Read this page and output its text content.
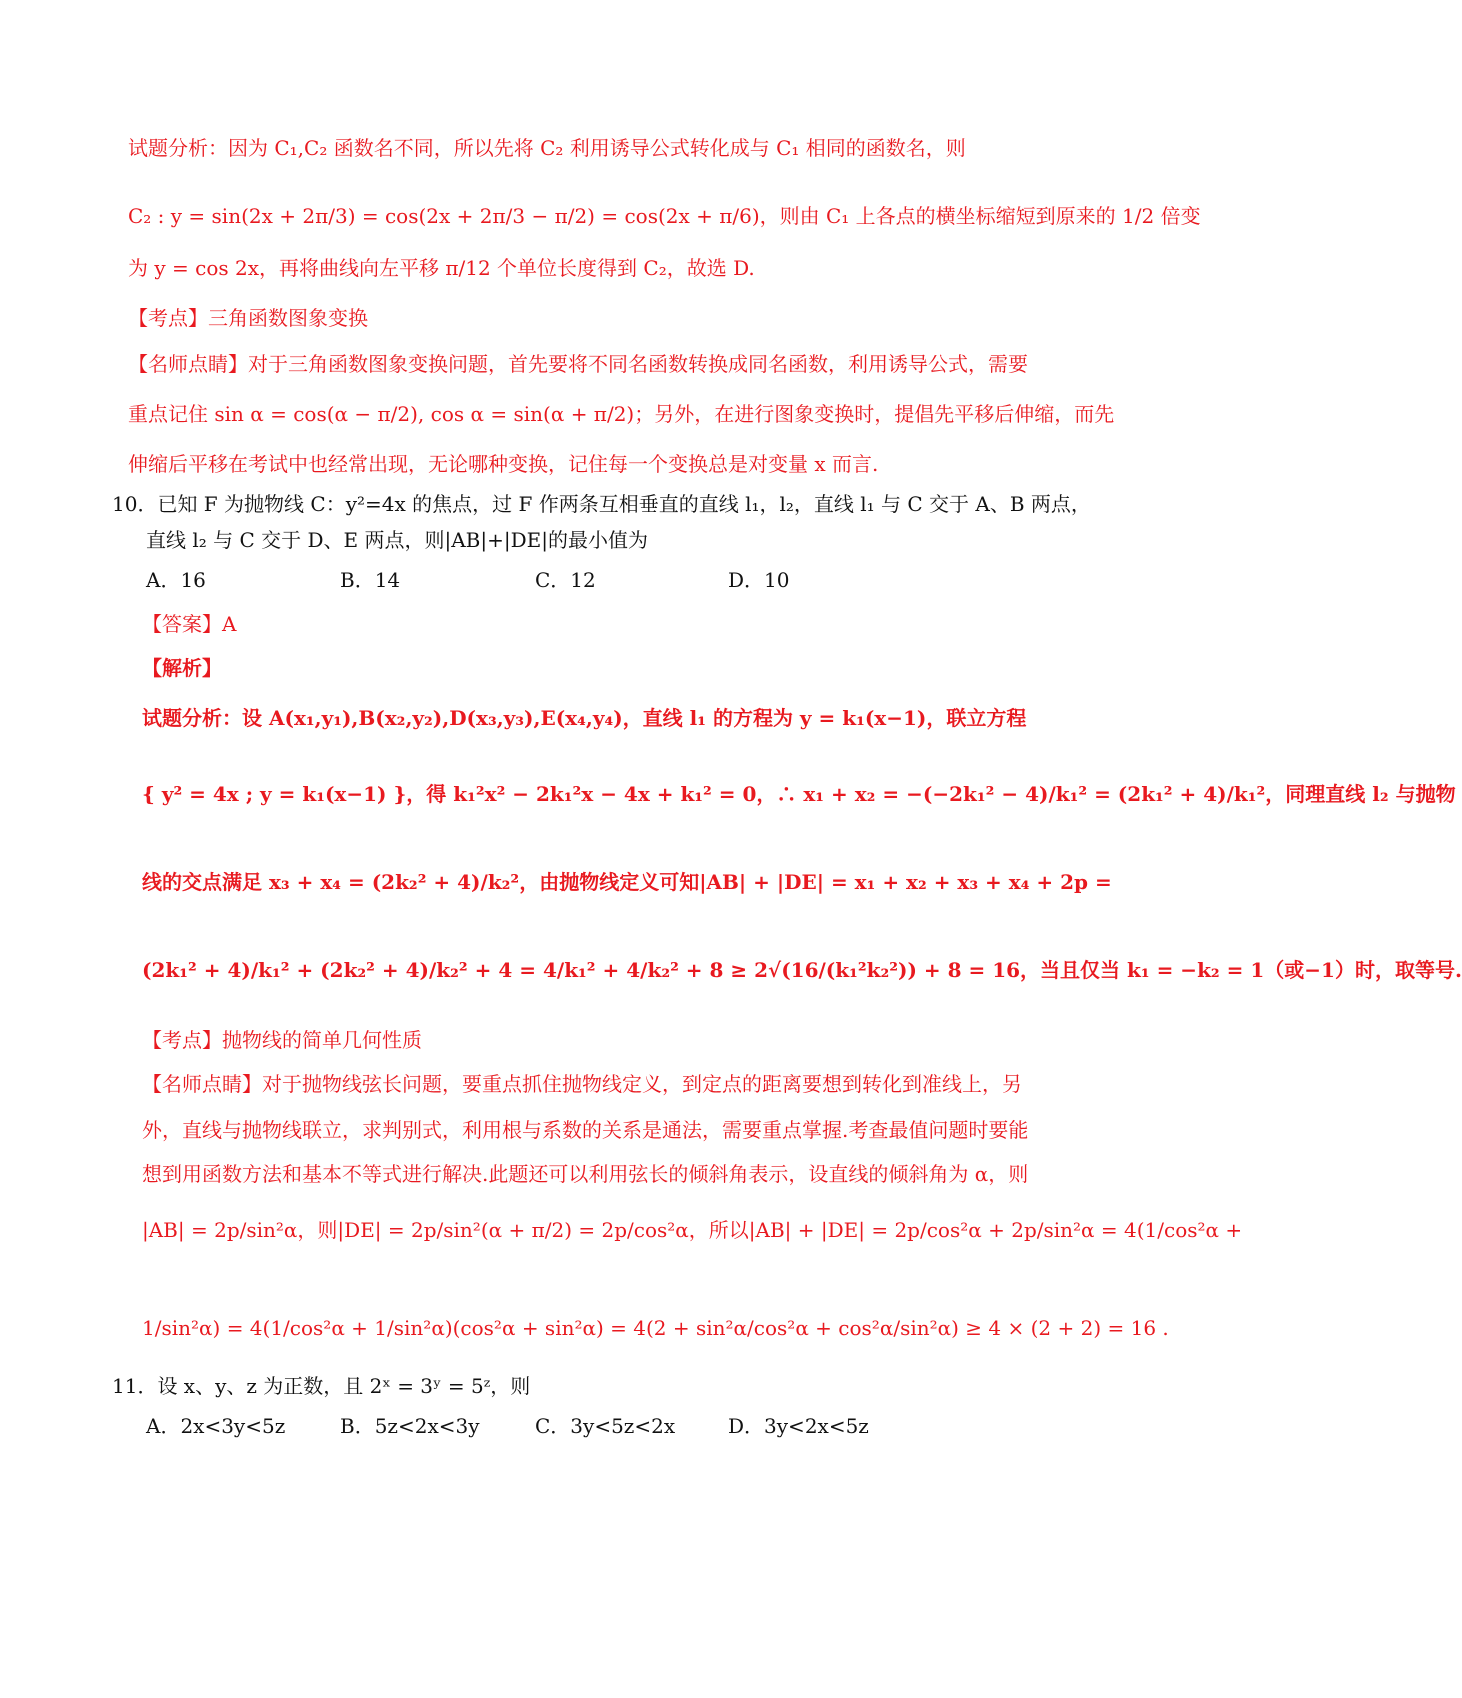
试题分析：因为 C₁,C₂ 函数名不同，所以先将 C₂ 利用诱导公式转化成与 C₁ 相同的函数名，则
C₂ : y = sin(2x + 2π/3) = cos(2x + 2π/3 − π/2) = cos(2x + π/6)，则由 C₁ 上各点的横坐标缩短到原来的 1/2 倍变
为 y = cos 2x，再将曲线向左平移 π/12 个单位长度得到 C₂，故选 D.
【考点】三角函数图象变换
【名师点睛】对于三角函数图象变换问题，首先要将不同名函数转换成同名函数，利用诱导公式，需要
重点记住 sin α = cos(α − π/2), cos α = sin(α + π/2)；另外，在进行图象变换时，提倡先平移后伸缩，而先
伸缩后平移在考试中也经常出现，无论哪种变换，记住每一个变换总是对变量 x 而言.
10．已知 F 为抛物线 C：y²=4x 的焦点，过 F 作两条互相垂直的直线 l₁，l₂，直线 l₁ 与 C 交于 A、B 两点，
直线 l₂ 与 C 交于 D、E 两点，则|AB|+|DE|的最小值为
A．16	B．14	C．12	D．10
【答案】A
【解析】
试题分析：设 A(x₁,y₁),B(x₂,y₂),D(x₃,y₃),E(x₄,y₄)，直线 l₁ 的方程为 y = k₁(x−1)，联立方程
{ y² = 4x ; y = k₁(x−1) }，得 k₁²x² − 2k₁²x − 4x + k₁² = 0，∴ x₁ + x₂ = −(−2k₁² − 4)/k₁² = (2k₁² + 4)/k₁²，同理直线 l₂ 与抛物
线的交点满足 x₃ + x₄ = (2k₂² + 4)/k₂²，由抛物线定义可知|AB| + |DE| = x₁ + x₂ + x₃ + x₄ + 2p =
(2k₁² + 4)/k₁² + (2k₂² + 4)/k₂² + 4 = 4/k₁² + 4/k₂² + 8 ≥ 2√(16/(k₁²k₂²)) + 8 = 16，当且仅当 k₁ = −k₂ = 1（或−1）时，取等号.
【考点】抛物线的简单几何性质
【名师点睛】对于抛物线弦长问题，要重点抓住抛物线定义，到定点的距离要想到转化到准线上，另
外，直线与抛物线联立，求判别式，利用根与系数的关系是通法，需要重点掌握.考查最值问题时要能
想到用函数方法和基本不等式进行解决.此题还可以利用弦长的倾斜角表示，设直线的倾斜角为 α，则
|AB| = 2p/sin²α，则|DE| = 2p/sin²(α + π/2) = 2p/cos²α，所以|AB| + |DE| = 2p/cos²α + 2p/sin²α = 4(1/cos²α +
1/sin²α) = 4(1/cos²α + 1/sin²α)(cos²α + sin²α) = 4(2 + sin²α/cos²α + cos²α/sin²α) ≥ 4 × (2 + 2) = 16 .
11．设 x、y、z 为正数，且 2ˣ = 3ʸ = 5ᶻ，则
A．2x<3y<5z	B．5z<2x<3y	C．3y<5z<2x	D．3y<2x<5z
